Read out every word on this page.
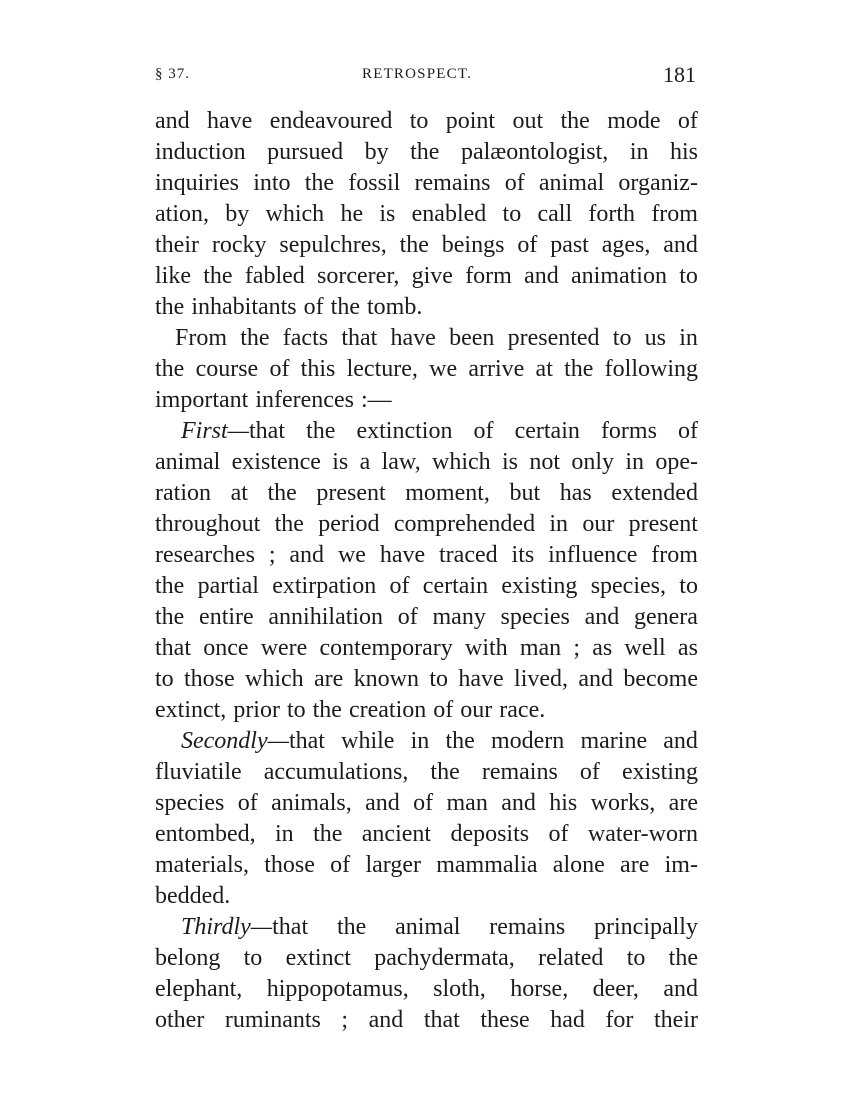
§ 37.	RETROSPECT.	181
and have endeavoured to point out the mode of
induction pursued by the palæontologist, in his
inquiries into the fossil remains of animal organiz-
ation, by which he is enabled to call forth from
their rocky sepulchres, the beings of past ages, and
like the fabled sorcerer, give form and animation to
the inhabitants of the tomb.
From the facts that have been presented to us in
the course of this lecture, we arrive at the following
important inferences :—
First—that the extinction of certain forms of
animal existence is a law, which is not only in ope-
ration at the present moment, but has extended
throughout the period comprehended in our present
researches ; and we have traced its influence from
the partial extirpation of certain existing species, to
the entire annihilation of many species and genera
that once were contemporary with man ; as well as
to those which are known to have lived, and become
extinct, prior to the creation of our race.
Secondly—that while in the modern marine and
fluviatile accumulations, the remains of existing
species of animals, and of man and his works, are
entombed, in the ancient deposits of water-worn
materials, those of larger mammalia alone are im-
bedded.
Thirdly—that the animal remains principally
belong to extinct pachydermata, related to the
elephant, hippopotamus, sloth, horse, deer, and
other ruminants ; and that these had for their
